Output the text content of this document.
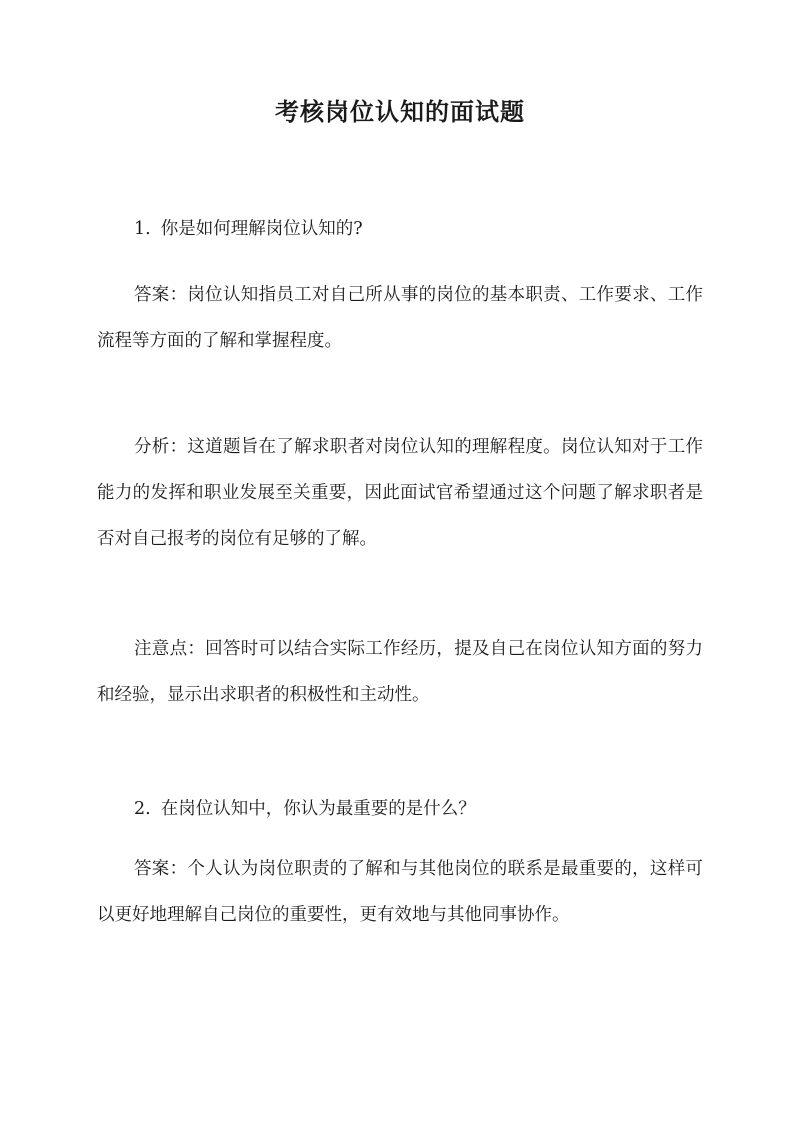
考核岗位认知的面试题

1. 你是如何理解岗位认知的?

答案：岗位认知指员工对自己所从事的岗位的基本职责、工作要求、工作流程等方面的了解和掌握程度。

分析：这道题旨在了解求职者对岗位认知的理解程度。岗位认知对于工作能力的发挥和职业发展至关重要，因此面试官希望通过这个问题了解求职者是否对自己报考的岗位有足够的了解。

注意点：回答时可以结合实际工作经历，提及自己在岗位认知方面的努力和经验，显示出求职者的积极性和主动性。

2. 在岗位认知中，你认为最重要的是什么？

答案：个人认为岗位职责的了解和与其他岗位的联系是最重要的，这样可以更好地理解自己岗位的重要性，更有效地与其他同事协作。
